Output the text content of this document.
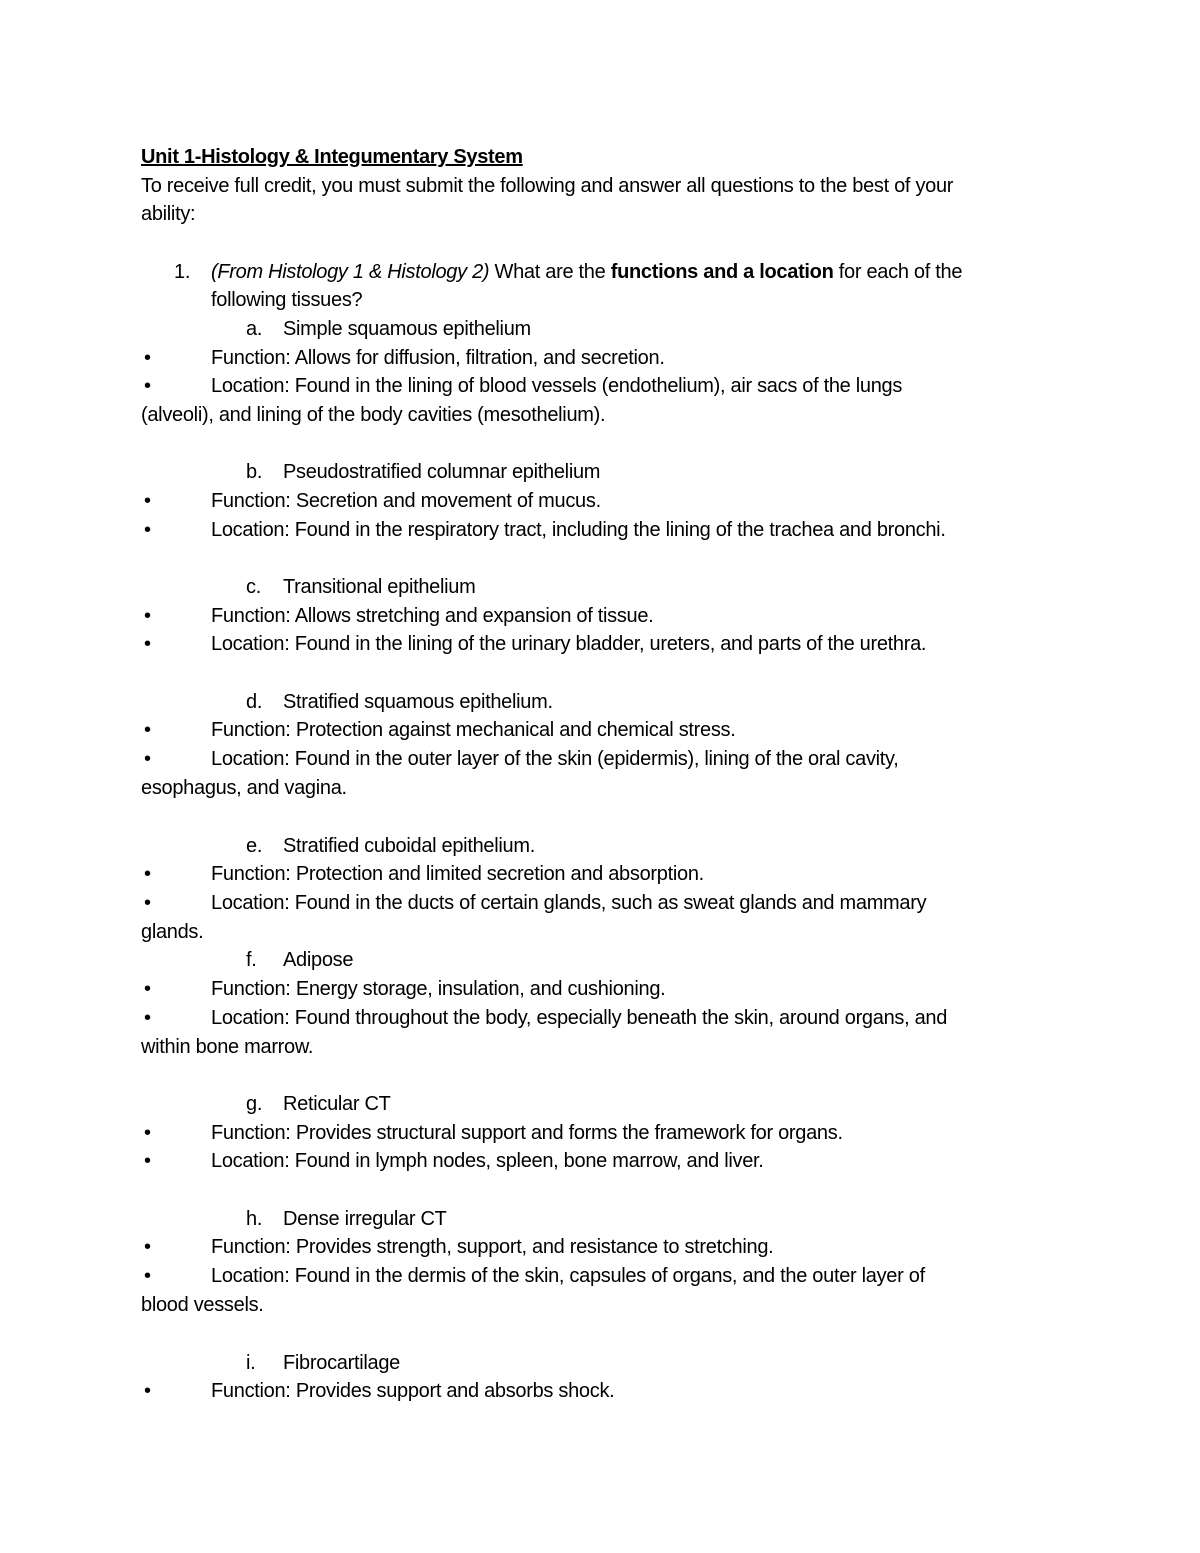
Unit 1-Histology & Integumentary System
To receive full credit, you must submit the following and answer all questions to the best of your
ability:
1. (From Histology 1 & Histology 2) What are the functions and a location for each of the
following tissues?
a. Simple squamous epithelium
•	Function: Allows for diffusion, filtration, and secretion.
•	Location: Found in the lining of blood vessels (endothelium), air sacs of the lungs
(alveoli), and lining of the body cavities (mesothelium).
b. Pseudostratified columnar epithelium
•	Function: Secretion and movement of mucus.
•	Location: Found in the respiratory tract, including the lining of the trachea and bronchi.
c. Transitional epithelium
•	Function: Allows stretching and expansion of tissue.
•	Location: Found in the lining of the urinary bladder, ureters, and parts of the urethra.
d. Stratified squamous epithelium.
•	Function: Protection against mechanical and chemical stress.
•	Location: Found in the outer layer of the skin (epidermis), lining of the oral cavity,
esophagus, and vagina.
e. Stratified cuboidal epithelium.
•	Function: Protection and limited secretion and absorption.
•	Location: Found in the ducts of certain glands, such as sweat glands and mammary
glands.
f. Adipose
•	Function: Energy storage, insulation, and cushioning.
•	Location: Found throughout the body, especially beneath the skin, around organs, and
within bone marrow.
g. Reticular CT
•	Function: Provides structural support and forms the framework for organs.
•	Location: Found in lymph nodes, spleen, bone marrow, and liver.
h. Dense irregular CT
•	Function: Provides strength, support, and resistance to stretching.
•	Location: Found in the dermis of the skin, capsules of organs, and the outer layer of
blood vessels.
i. Fibrocartilage
•	Function: Provides support and absorbs shock.
